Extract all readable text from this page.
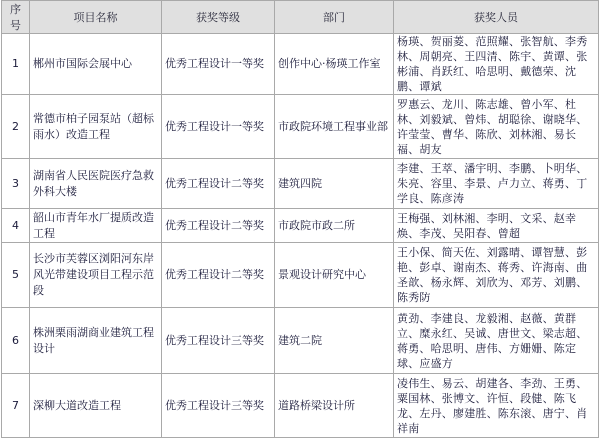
序号	项目名称	获奖等级	部门	获奖人员
1	郴州市国际会展中心	优秀工程设计一等奖	创作中心·杨瑛工作室	杨瑛、贺丽菱、范照耀、张智航、李秀林、周朝亮、王四清、陈宇、黄谭、张彬浦、肖跃红、哈思明、戴德荣、沈鹏、谭斌
2	常德市柏子园泵站（超标雨水）改造工程	优秀工程设计一等奖	市政院环境工程事业部	罗惠云、龙川、陈志雄、曾小军、杜林、刘毅斌、曾炜、胡聪徐、谢晓华、许莹莹、曹华、陈欣、刘林湘、易长福、胡友
3	湖南省人民医院医疗急救外科大楼	优秀工程设计二等奖	建筑四院	李建、王萃、潘宇明、李鹏、卜明华、朱亮、容里、李景、卢力立、蒋勇、丁学良、陈彦涛
4	韶山市青年水厂提质改造工程	优秀工程设计二等奖	市政院市政二所	王梅强、刘林湘、李明、文采、赵幸焕、李茂、吴阳春、曾超
5	长沙市芙蓉区浏阳河东岸风光带建设项目工程示范段	优秀工程设计二等奖	景观设计研究中心	王小保、简天佐、刘露晴、谭智慧、彭艳、彭卓、谢南杰、蒋秀、许海南、曲圣歆、杨永辉、刘欣为、邓芳、刘鹏、陈秀防
6	株洲栗雨湖商业建筑工程设计	优秀工程设计三等奖	建筑二院	黄劲、李建良、龙毅湘、赵薇、黄群立、糜永红、吴诚、唐世文、梁志超、蒋勇、哈思明、唐伟、方姗姗、陈定球、应盛方
7	深柳大道改造工程	优秀工程设计三等奖	道路桥梁设计所	凌伟生、易云、胡建各、李劲、王勇、粟国林、张博文、许恒、段健、陈飞龙、左丹、廖建胜、陈东滚、唐宁、肖祥南
